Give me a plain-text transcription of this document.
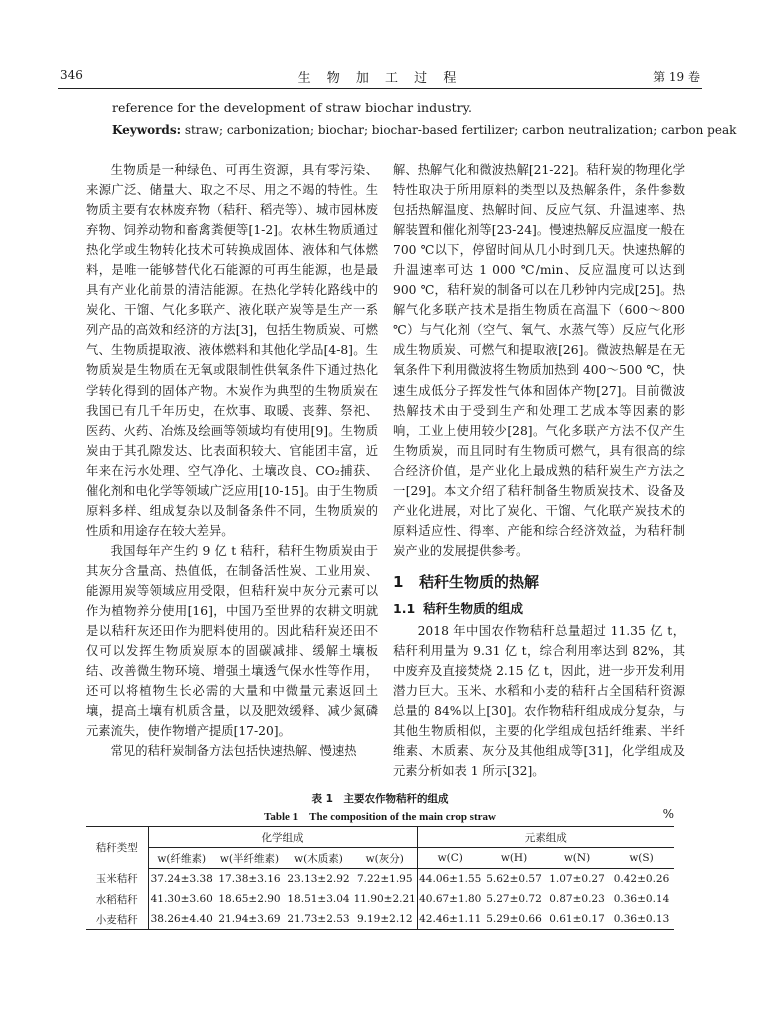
346	生 物 加 工 过 程	第 19 卷
reference for the development of straw biochar industry.
Keywords: straw; carbonization; biochar; biochar-based fertilizer; carbon neutralization; carbon peak

生物质是一种绿色、可再生资源，具有零污染、来源广泛、储量大、取之不尽、用之不竭的特性。生物质主要有农林废弃物（秸秆、稻壳等）、城市园林废弃物、饲养动物和畜禽粪便等[1-2]。农林生物质通过热化学或生物转化技术可转换成固体、液体和气体燃料，是唯一能够替代化石能源的可再生能源，也是最具有产业化前景的清洁能源。在热化学转化路线中的炭化、干馏、气化多联产、液化联产炭等是生产一系列产品的高效和经济的方法[3]，包括生物质炭、可燃气、生物质提取液、液体燃料和其他化学品[4-8]。生物质炭是生物质在无氧或限制性供氧条件下通过热化学转化得到的固体产物。木炭作为典型的生物质炭在我国已有几千年历史，在炊事、取暖、丧葬、祭祀、医药、火药、冶炼及绘画等领域均有使用[9]。生物质炭由于其孔隙发达、比表面积较大、官能团丰富，近年来在污水处理、空气净化、土壤改良、CO₂捕获、催化剂和电化学等领域广泛应用[10-15]。由于生物质原料多样、组成复杂以及制备条件不同，生物质炭的性质和用途存在较大差异。

我国每年产生约 9 亿 t 秸秆，秸秆生物质炭由于其灰分含量高、热值低，在制备活性炭、工业用炭、能源用炭等领域应用受限，但秸秆炭中灰分元素可以作为植物养分使用[16]，中国乃至世界的农耕文明就是以秸秆灰还田作为肥料使用的。因此秸秆炭还田不仅可以发挥生物质炭原本的固碳减排、缓解土壤板结、改善微生物环境、增强土壤透气保水性等作用，还可以将植物生长必需的大量和中微量元素返回土壤，提高土壤有机质含量，以及肥效缓释、减少氮磷元素流失，使作物增产提质[17-20]。

常见的秸秆炭制备方法包括快速热解、慢速热

解、热解气化和微波热解[21-22]。秸秆炭的物理化学特性取决于所用原料的类型以及热解条件，条件参数包括热解温度、热解时间、反应气氛、升温速率、热解装置和催化剂等[23-24]。慢速热解反应温度一般在 700 ℃以下，停留时间从几小时到几天。快速热解的升温速率可达 1 000 ℃/min、反应温度可以达到 900 ℃，秸秆炭的制备可以在几秒钟内完成[25]。热解气化多联产技术是指生物质在高温下（600～800 ℃）与气化剂（空气、氧气、水蒸气等）反应气化形成生物质炭、可燃气和提取液[26]。微波热解是在无氧条件下利用微波将生物质加热到 400～500 ℃，快速生成低分子挥发性气体和固体产物[27]。目前微波热解技术由于受到生产和处理工艺成本等因素的影响，工业上使用较少[28]。气化多联产方法不仅产生生物质炭，而且同时有生物质可燃气，具有很高的综合经济价值，是产业化上最成熟的秸秆炭生产方法之一[29]。本文介绍了秸秆制备生物质炭技术、设备及产业化进展，对比了炭化、干馏、气化联产炭技术的原料适应性、得率、产能和综合经济效益，为秸秆制炭产业的发展提供参考。

1 秸秆生物质的热解
1.1 秸秆生物质的组成

2018 年中国农作物秸秆总量超过 11.35 亿 t，秸秆利用量为 9.31 亿 t，综合利用率达到 82%，其中废弃及直接焚烧 2.15 亿 t，因此，进一步开发利用潜力巨大。玉米、水稻和小麦的秸秆占全国秸秆资源总量的 84%以上[30]。农作物秸秆组成成分复杂，与其他生物质相似，主要的化学组成包括纤维素、半纤维素、木质素、灰分及其他组成等[31]，化学组成及元素分析如表 1 所示[32]。

表 1　主要农作物秸秆的组成
Table 1　The composition of the main crop straw	%
秸秆类型	化学组成				元素组成			
	w(纤维素)	w(半纤维素)	w(木质素)	w(灰分)	w(C)	w(H)	w(N)	w(S)
玉米秸秆	37.24±3.38	17.38±3.16	23.13±2.92	7.22±1.95	44.06±1.55	5.62±0.57	1.07±0.27	0.42±0.26
水稻秸秆	41.30±3.60	18.65±2.90	18.51±3.04	11.90±2.21	40.67±1.80	5.27±0.72	0.87±0.23	0.36±0.14
小麦秸秆	38.26±4.40	21.94±3.69	21.73±2.53	9.19±2.12	42.46±1.11	5.29±0.66	0.61±0.17	0.36±0.13
